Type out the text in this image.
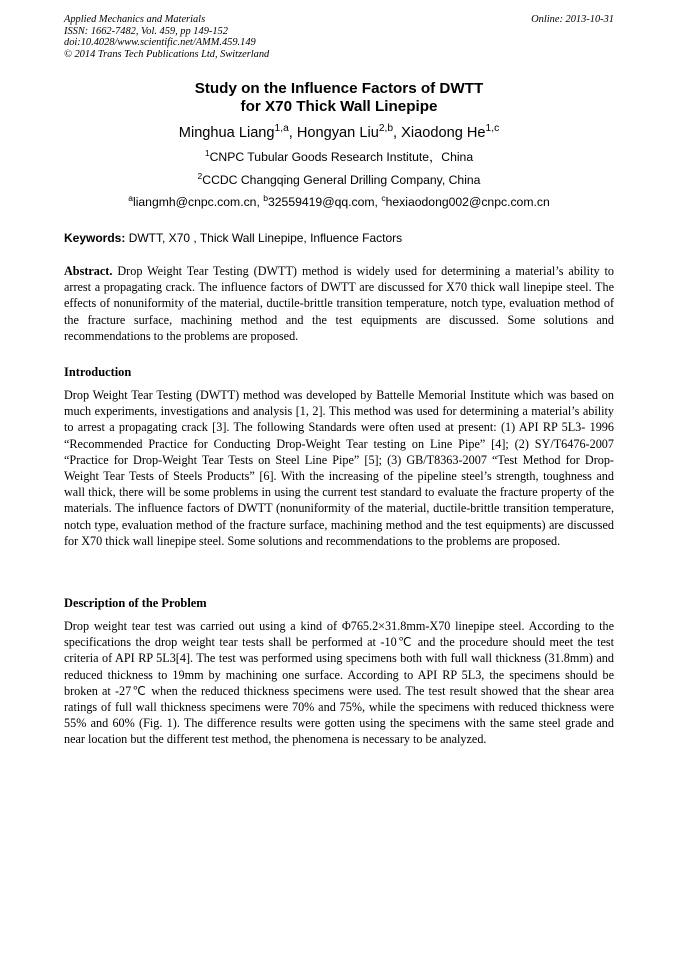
Applied Mechanics and Materials
ISSN: 1662-7482, Vol. 459, pp 149-152
doi:10.4028/www.scientific.net/AMM.459.149
© 2014 Trans Tech Publications Ltd, Switzerland
Online: 2013-10-31
Study on the Influence Factors of DWTT
for X70 Thick Wall Linepipe
Minghua Liang$^{1,a}$, Hongyan Liu$^{2,b}$, Xiaodong He$^{1,c}$
$^1$CNPC Tubular Goods Research Institute，China
$^2$CCDC Changqing General Drilling Company, China
$^a$liangmh@cnpc.com.cn, $^b$32559419@qq.com, $^c$hexiaodong002@cnpc.com.cn
Keywords: DWTT, X70 , Thick Wall Linepipe, Influence Factors
Abstract. Drop Weight Tear Testing (DWTT) method is widely used for determining a material’s ability to arrest a propagating crack. The influence factors of DWTT are discussed for X70 thick wall linepipe steel. The effects of nonuniformity of the material, ductile-brittle transition temperature, notch type, evaluation method of the fracture surface, machining method and the test equipments are discussed. Some solutions and recommendations to the problems are proposed.
Introduction
Drop Weight Tear Testing (DWTT) method was developed by Battelle Memorial Institute which was based on much experiments, investigations and analysis [1, 2]. This method was used for determining a material’s ability to arrest a propagating crack [3]. The following Standards were often used at present: (1) API RP 5L3- 1996 “Recommended Practice for Conducting Drop-Weight Tear testing on Line Pipe” [4]; (2) SY/T6476-2007 “Practice for Drop-Weight Tear Tests on Steel Line Pipe” [5]; (3) GB/T8363-2007 “Test Method for Drop-Weight Tear Tests of Steels Products” [6]. With the increasing of the pipeline steel’s strength, toughness and wall thick, there will be some problems in using the current test standard to evaluate the fracture property of the materials. The influence factors of DWTT (nonuniformity of the material, ductile-brittle transition temperature, notch type, evaluation method of the fracture surface, machining method and the test equipments) are discussed for X70 thick wall linepipe steel. Some solutions and recommendations to the problems are proposed.
Description of the Problem
Drop weight tear test was carried out using a kind of Φ765.2×31.8mm-X70 linepipe steel. According to the specifications the drop weight tear tests shall be performed at -10℃ and the procedure should meet the test criteria of API RP 5L3[4]. The test was performed using specimens both with full wall thickness (31.8mm) and reduced thickness to 19mm by machining one surface. According to API RP 5L3, the specimens should be broken at -27℃ when the reduced thickness specimens were used. The test result showed that the shear area ratings of full wall thickness specimens were 70% and 75%, while the specimens with reduced thickness were 55% and 60% (Fig. 1). The difference results were gotten using the specimens with the same steel grade and near location but the different test method, the phenomena is necessary to be analyzed.
